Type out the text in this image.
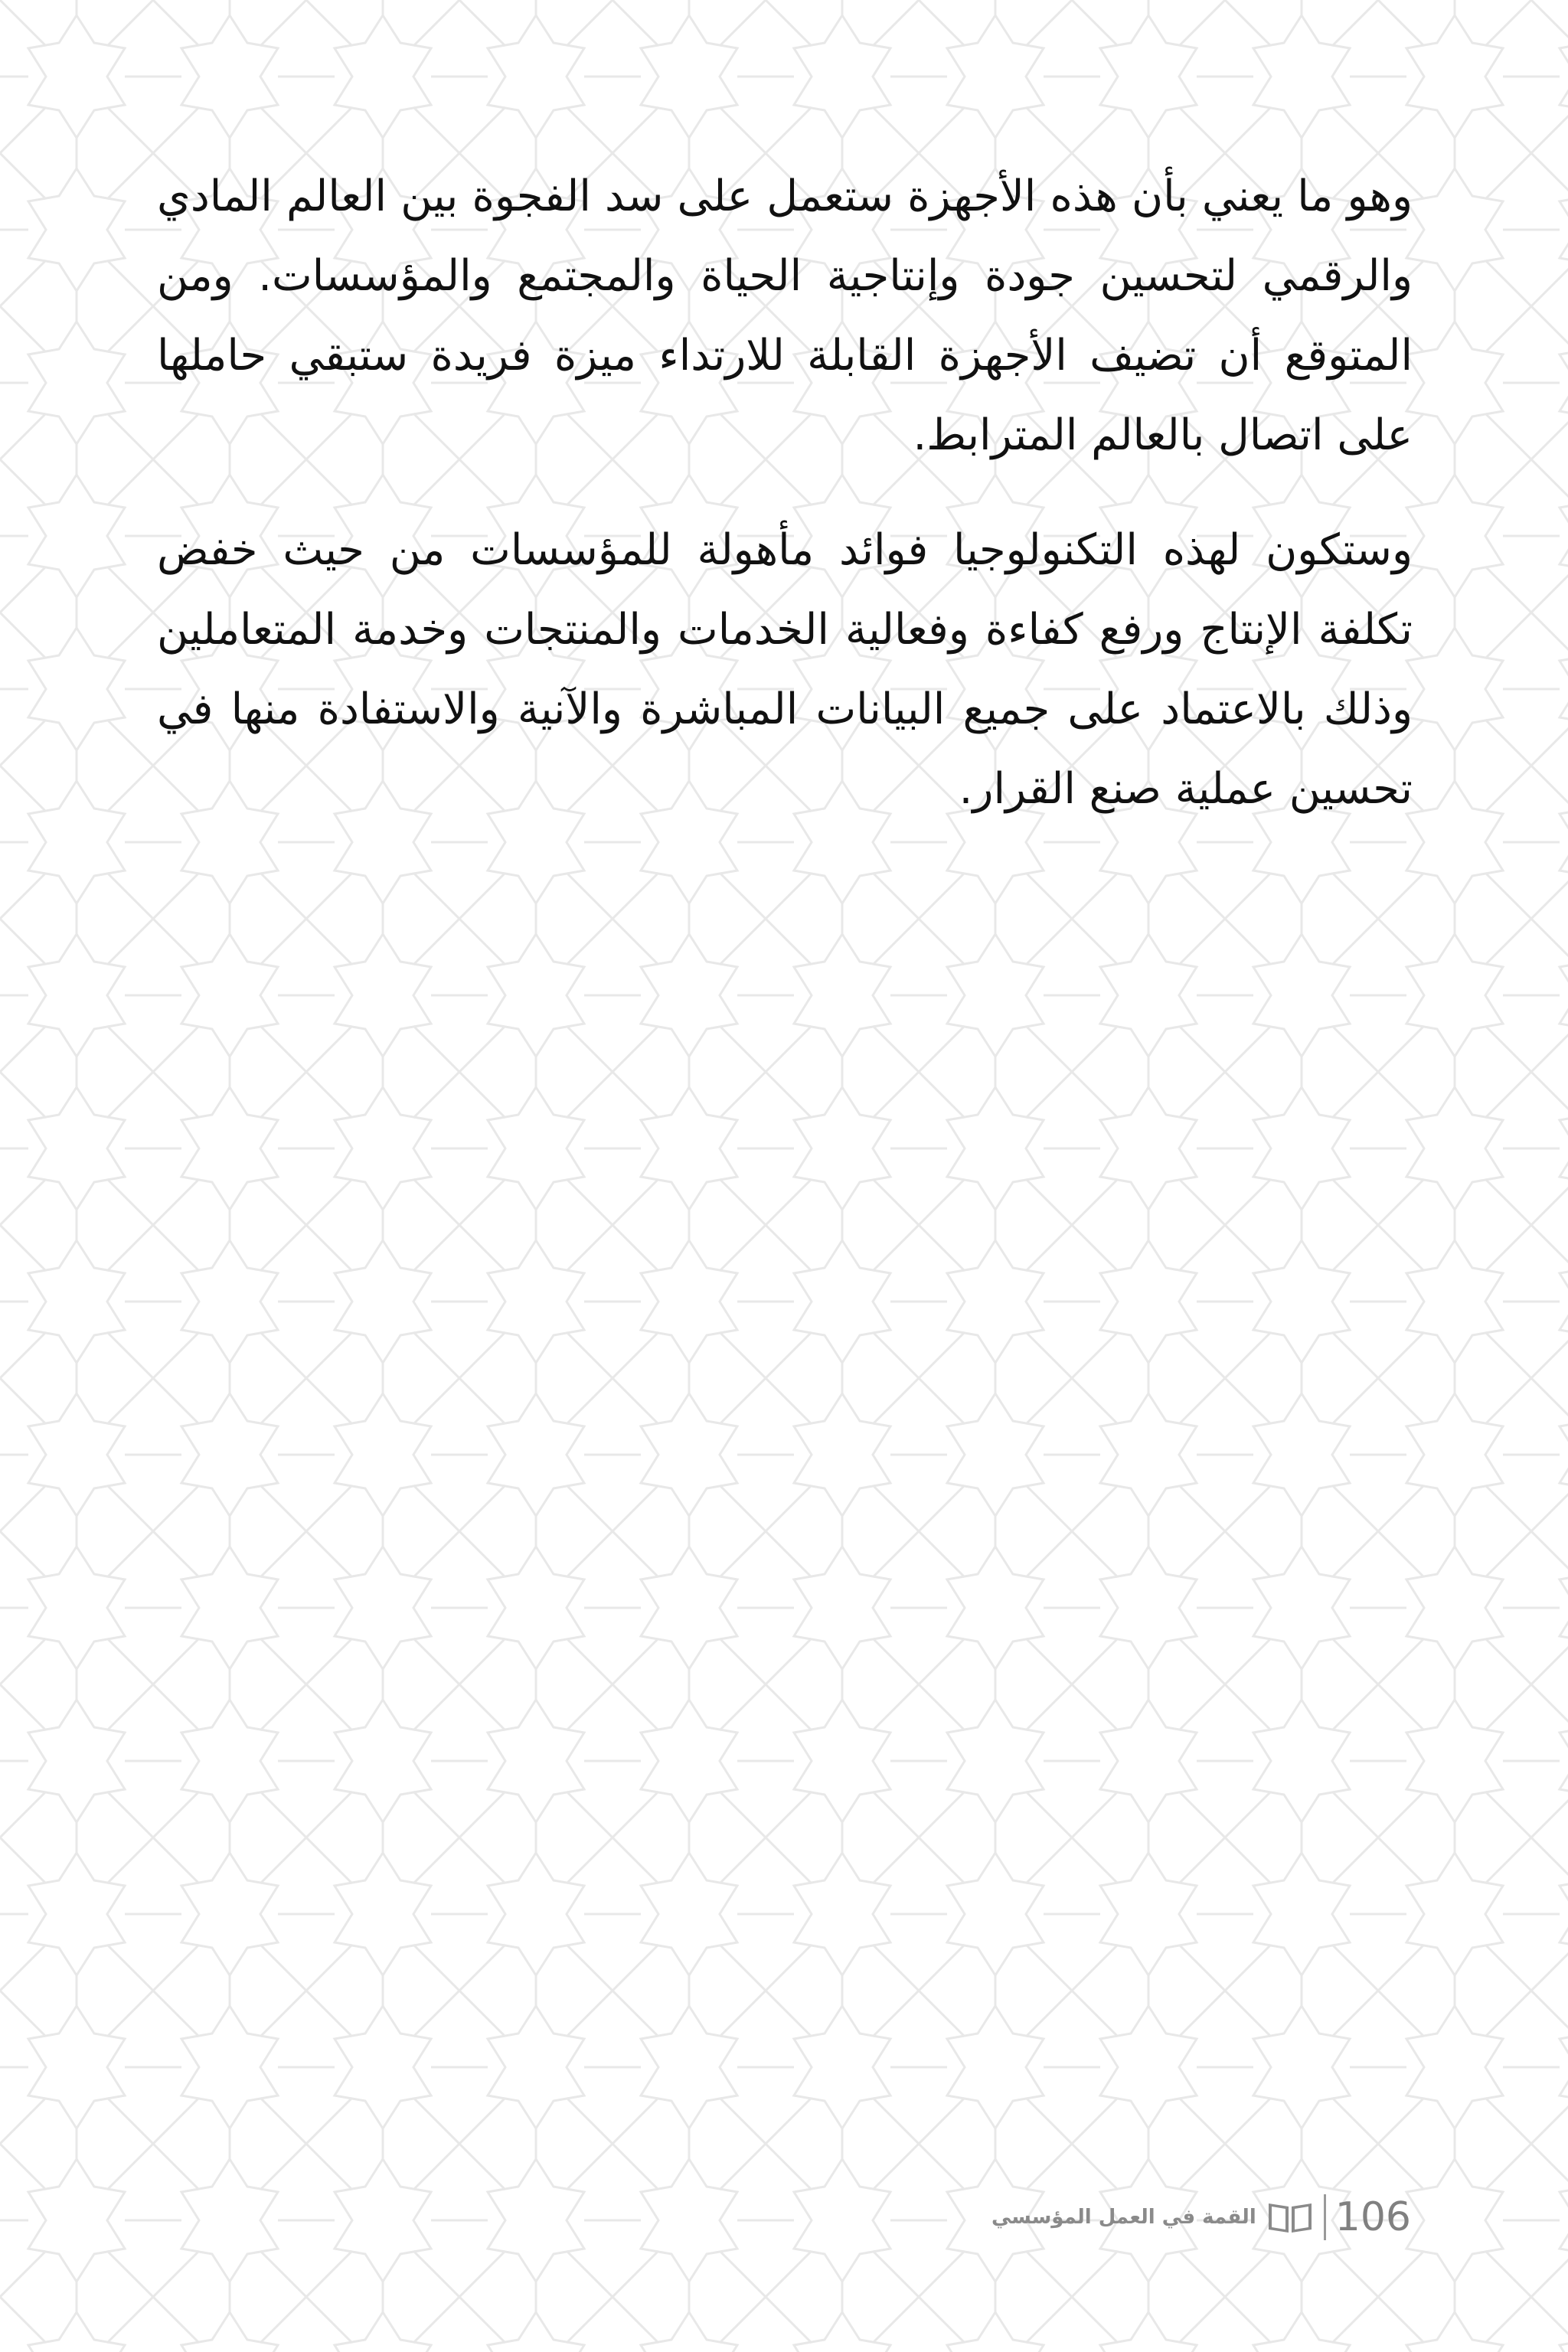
وهو ما يعني بأن هذه الأجهزة ستعمل على سد الفجوة بين العالم المادي والرقمي لتحسين جودة وإنتاجية الحياة والمجتمع والمؤسسات. ومن المتوقع أن تضيف الأجهزة القابلة للارتداء ميزة فريدة ستبقي حاملها على اتصال بالعالم المترابط.

وستكون لهذه التكنولوجيا فوائد مأهولة للمؤسسات من حيث خفض تكلفة الإنتاج ورفع كفاءة وفعالية الخدمات والمنتجات وخدمة المتعاملين وذلك بالاعتماد على جميع البيانات المباشرة والآنية والاستفادة منها في تحسين عملية صنع القرار.

القمة في العمل المؤسسي 106
